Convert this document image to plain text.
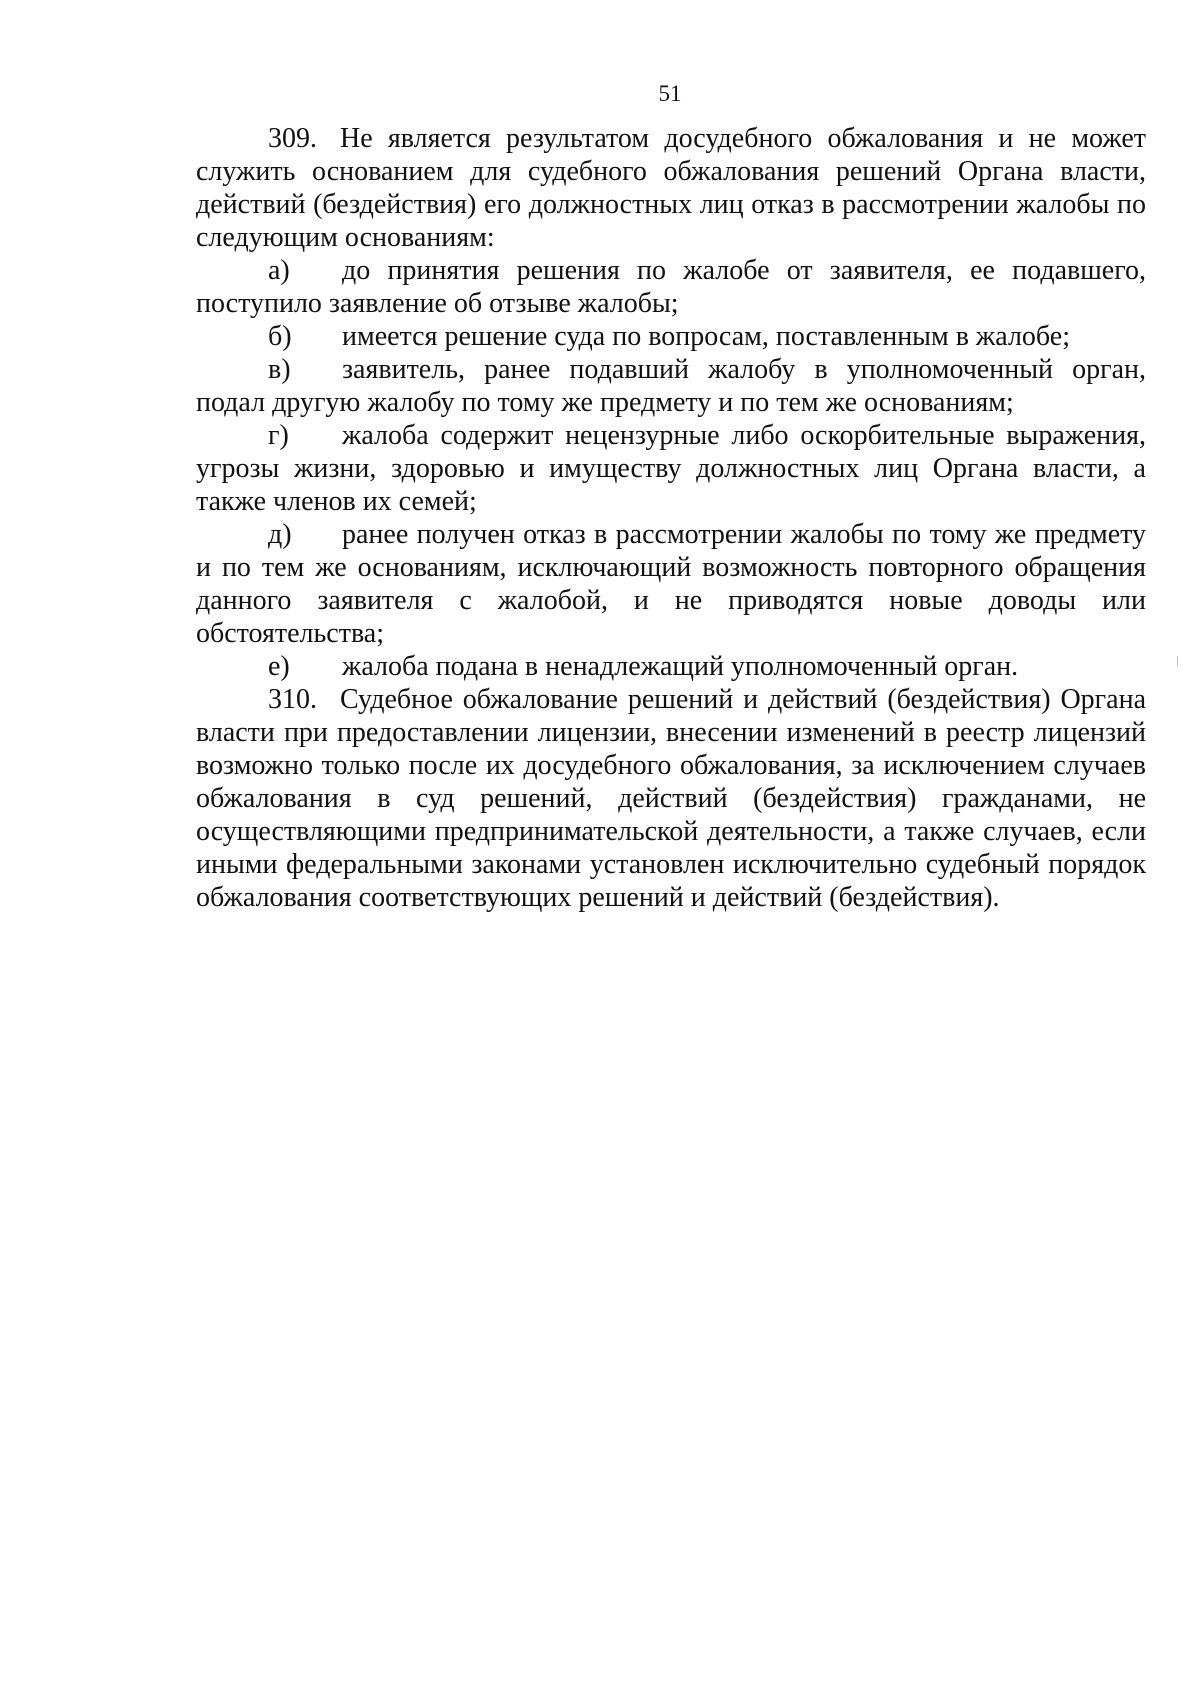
51

309. Не является результатом досудебного обжалования и не может служить основанием для судебного обжалования решений Органа власти, действий (бездействия) его должностных лиц отказ в рассмотрении жалобы по следующим основаниям:

а) до принятия решения по жалобе от заявителя, ее подавшего, поступило заявление об отзыве жалобы;

б) имеется решение суда по вопросам, поставленным в жалобе;

в) заявитель, ранее подавший жалобу в уполномоченный орган, подал другую жалобу по тому же предмету и по тем же основаниям;

г) жалоба содержит нецензурные либо оскорбительные выражения, угрозы жизни, здоровью и имуществу должностных лиц Органа власти, а также членов их семей;

д) ранее получен отказ в рассмотрении жалобы по тому же предмету и по тем же основаниям, исключающий возможность повторного обращения данного заявителя с жалобой, и не приводятся новые доводы или обстоятельства;

е) жалоба подана в ненадлежащий уполномоченный орган.

310. Судебное обжалование решений и действий (бездействия) Органа власти при предоставлении лицензии, внесении изменений в реестр лицензий возможно только после их досудебного обжалования, за исключением случаев обжалования в суд решений, действий (бездействия) гражданами, не осуществляющими предпринимательской деятельности, а также случаев, если иными федеральными законами установлен исключительно судебный порядок обжалования соответствующих решений и действий (бездействия).
